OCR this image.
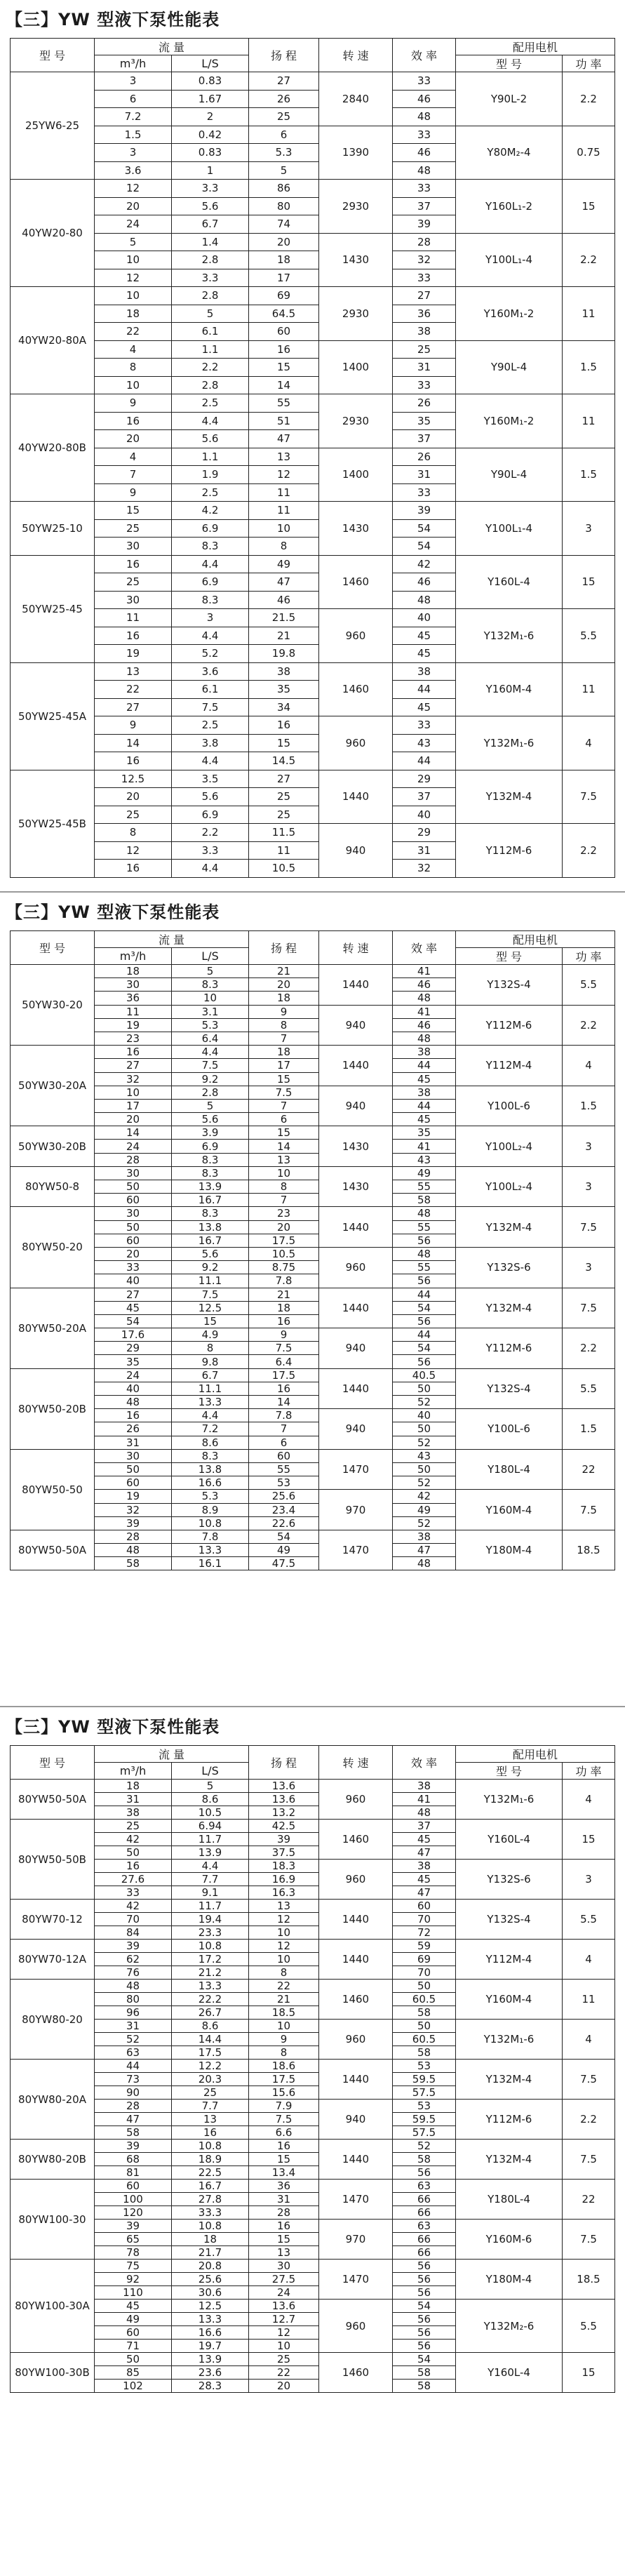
【三】YW 型液下泵性能表
型 号	流 量		扬 程	转 速	效 率	配用电机	
	m³/h	L/S				型 号	功 率
25YW6-25	3	0.83	27	2840	33	Y90L-2	2.2
	6	1.67	26		46		
	7.2	2	25		48		
	1.5	0.42	6	1390	33	Y80M₂-4	0.75
	3	0.83	5.3		46		
	3.6	1	5		48		
40YW20-80	12	3.3	86	2930	33	Y160L₁-2	15
	20	5.6	80		37		
	24	6.7	74		39		
	5	1.4	20	1430	28	Y100L₁-4	2.2
	10	2.8	18		32		
	12	3.3	17		33		
40YW20-80A	10	2.8	69	2930	27	Y160M₁-2	11
	18	5	64.5		36		
	22	6.1	60		38		
	4	1.1	16	1400	25	Y90L-4	1.5
	8	2.2	15		31		
	10	2.8	14		33		
40YW20-80B	9	2.5	55	2930	26	Y160M₁-2	11
	16	4.4	51		35		
	20	5.6	47		37		
	4	1.1	13	1400	26	Y90L-4	1.5
	7	1.9	12		31		
	9	2.5	11		33		
50YW25-10	15	4.2	11	1430	39	Y100L₁-4	3
	25	6.9	10		54		
	30	8.3	8		54		
50YW25-45	16	4.4	49	1460	42	Y160L-4	15
	25	6.9	47		46		
	30	8.3	46		48		
	11	3	21.5	960	40	Y132M₁-6	5.5
	16	4.4	21		45		
	19	5.2	19.8		45		
50YW25-45A	13	3.6	38	1460	38	Y160M-4	11
	22	6.1	35		44		
	27	7.5	34		45		
	9	2.5	16	960	33	Y132M₁-6	4
	14	3.8	15		43		
	16	4.4	14.5		44		
50YW25-45B	12.5	3.5	27	1440	29	Y132M-4	7.5
	20	5.6	25		37		
	25	6.9	25		40		
	8	2.2	11.5	940	29	Y112M-6	2.2
	12	3.3	11		31		
	16	4.4	10.5		32		
【三】YW 型液下泵性能表
型 号	流 量		扬 程	转 速	效 率	配用电机	
	m³/h	L/S				型 号	功 率
50YW30-20	18	5	21	1440	41	Y132S-4	5.5
	30	8.3	20		46		
	36	10	18		48		
	11	3.1	9	940	41	Y112M-6	2.2
	19	5.3	8		46		
	23	6.4	7		48		
50YW30-20A	16	4.4	18	1440	38	Y112M-4	4
	27	7.5	17		44		
	32	9.2	15		45		
	10	2.8	7.5	940	38	Y100L-6	1.5
	17	5	7		44		
	20	5.6	6		45		
50YW30-20B	14	3.9	15	1430	35	Y100L₂-4	3
	24	6.9	14		41		
	28	8.3	13		43		
80YW50-8	30	8.3	10	1430	49	Y100L₂-4	3
	50	13.9	8		55		
	60	16.7	7		58		
80YW50-20	30	8.3	23	1440	48	Y132M-4	7.5
	50	13.8	20		55		
	60	16.7	17.5		56		
	20	5.6	10.5	960	48	Y132S-6	3
	33	9.2	8.75		55		
	40	11.1	7.8		56		
80YW50-20A	27	7.5	21	1440	44	Y132M-4	7.5
	45	12.5	18		54		
	54	15	16		56		
	17.6	4.9	9	940	44	Y112M-6	2.2
	29	8	7.5		54		
	35	9.8	6.4		56		
80YW50-20B	24	6.7	17.5	1440	40.5	Y132S-4	5.5
	40	11.1	16		50		
	48	13.3	14		52		
	16	4.4	7.8	940	40	Y100L-6	1.5
	26	7.2	7		50		
	31	8.6	6		52		
80YW50-50	30	8.3	60	1470	43	Y180L-4	22
	50	13.8	55		50		
	60	16.6	53		52		
	19	5.3	25.6	970	42	Y160M-4	7.5
	32	8.9	23.4		49		
	39	10.8	22.6		52		
80YW50-50A	28	7.8	54	1470	38	Y180M-4	18.5
	48	13.3	49		47		
	58	16.1	47.5		48		
【三】YW 型液下泵性能表
型 号	流 量		扬 程	转 速	效 率	配用电机	
	m³/h	L/S				型 号	功 率
80YW50-50A	18	5	13.6	960	38	Y132M₁-6	4
	31	8.6	13.6		41		
	38	10.5	13.2		48		
80YW50-50B	25	6.94	42.5	1460	37	Y160L-4	15
	42	11.7	39		45		
	50	13.9	37.5		47		
	16	4.4	18.3	960	38	Y132S-6	3
	27.6	7.7	16.9		45		
	33	9.1	16.3		47		
80YW70-12	42	11.7	13	1440	60	Y132S-4	5.5
	70	19.4	12		70		
	84	23.3	10		72		
80YW70-12A	39	10.8	12	1440	59	Y112M-4	4
	62	17.2	10		69		
	76	21.2	8		70		
80YW80-20	48	13.3	22	1460	50	Y160M-4	11
	80	22.2	21		60.5		
	96	26.7	18.5		58		
	31	8.6	10	960	50	Y132M₁-6	4
	52	14.4	9		60.5		
	63	17.5	8		58		
80YW80-20A	44	12.2	18.6	1440	53	Y132M-4	7.5
	73	20.3	17.5		59.5		
	90	25	15.6		57.5		
	28	7.7	7.9	940	53	Y112M-6	2.2
	47	13	7.5		59.5		
	58	16	6.6		57.5		
80YW80-20B	39	10.8	16	1440	52	Y132M-4	7.5
	68	18.9	15		58		
	81	22.5	13.4		56		
80YW100-30	60	16.7	36	1470	63	Y180L-4	22
	100	27.8	31		66		
	120	33.3	28		66		
	39	10.8	16	970	63	Y160M-6	7.5
	65	18	15		66		
	78	21.7	13		66		
80YW100-30A	75	20.8	30	1470	56	Y180M-4	18.5
	92	25.6	27.5		56		
	110	30.6	24		56		
	45	12.5	13.6	960	54	Y132M₂-6	5.5
	49	13.3	12.7		56		
	60	16.6	12		56		
	71	19.7	10		56		
80YW100-30B	50	13.9	25	1460	54	Y160L-4	15
	85	23.6	22		58		
	102	28.3	20		58		
